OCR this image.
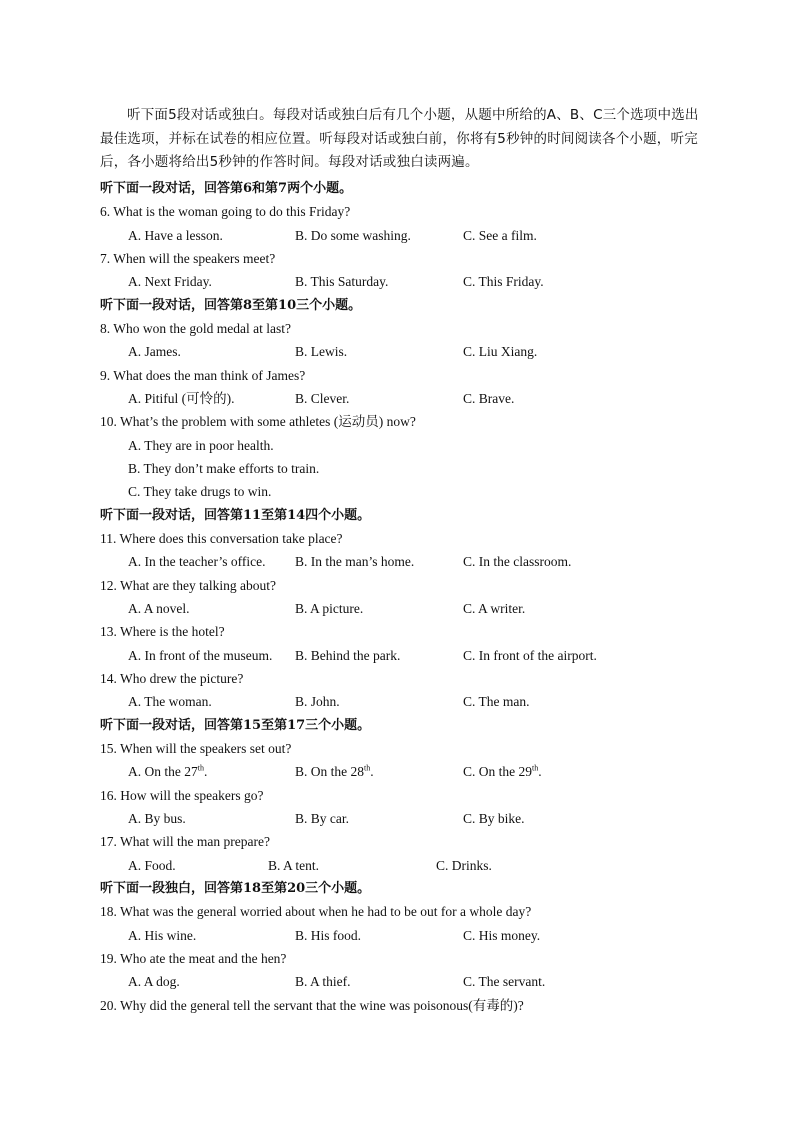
听下面5段对话或独白。每段对话或独白后有几个小题，从题中所给的A、B、C三个选项中选出最佳选项，并标在试卷的相应位置。听每段对话或独白前，你将有5秒钟的时间阅读各个小题，听完后，各小题将给出5秒钟的作答时间。每段对话或独白读两遍。

听下面一段对话，回答第6和第7两个小题。
6. What is the woman going to do this Friday?
A. Have a lesson.	B. Do some washing.	C. See a film.
7. When will the speakers meet?
A. Next Friday.	B. This Saturday.	C. This Friday.
听下面一段对话，回答第8至第10三个小题。
8. Who won the gold medal at last?
A. James.	B. Lewis.	C. Liu Xiang.
9. What does the man think of James?
A. Pitiful (可怜的).	B. Clever.	C. Brave.
10. What’s the problem with some athletes (运动员) now?
A. They are in poor health.
B. They don’t make efforts to train.
C. They take drugs to win.
听下面一段对话，回答第11至第14四个小题。
11. Where does this conversation take place?
A. In the teacher’s office. B. In the man’s home.	C. In the classroom.
12. What are they talking about?
A. A novel.	B. A picture.	C. A writer.
13. Where is the hotel?
A. In front of the museum. B. Behind the park.	C. In front of the airport.
14. Who drew the picture?
A. The woman.	B. John.	C. The man.
听下面一段对话，回答第15至第17三个小题。
15. When will the speakers set out?
A. On the 27th.	B. On the 28th.	C. On the 29th.
16. How will the speakers go?
A. By bus.	B. By car.	C. By bike.
17. What will the man prepare?
A. Food.	B. A tent.	C. Drinks.
听下面一段独白，回答第18至第20三个小题。
18. What was the general worried about when he had to be out for a whole day?
A. His wine.	B. His food.	C. His money.
19. Who ate the meat and the hen?
A. A dog.	B. A thief.	C. The servant.
20. Why did the general tell the servant that the wine was poisonous(有毒的)?
